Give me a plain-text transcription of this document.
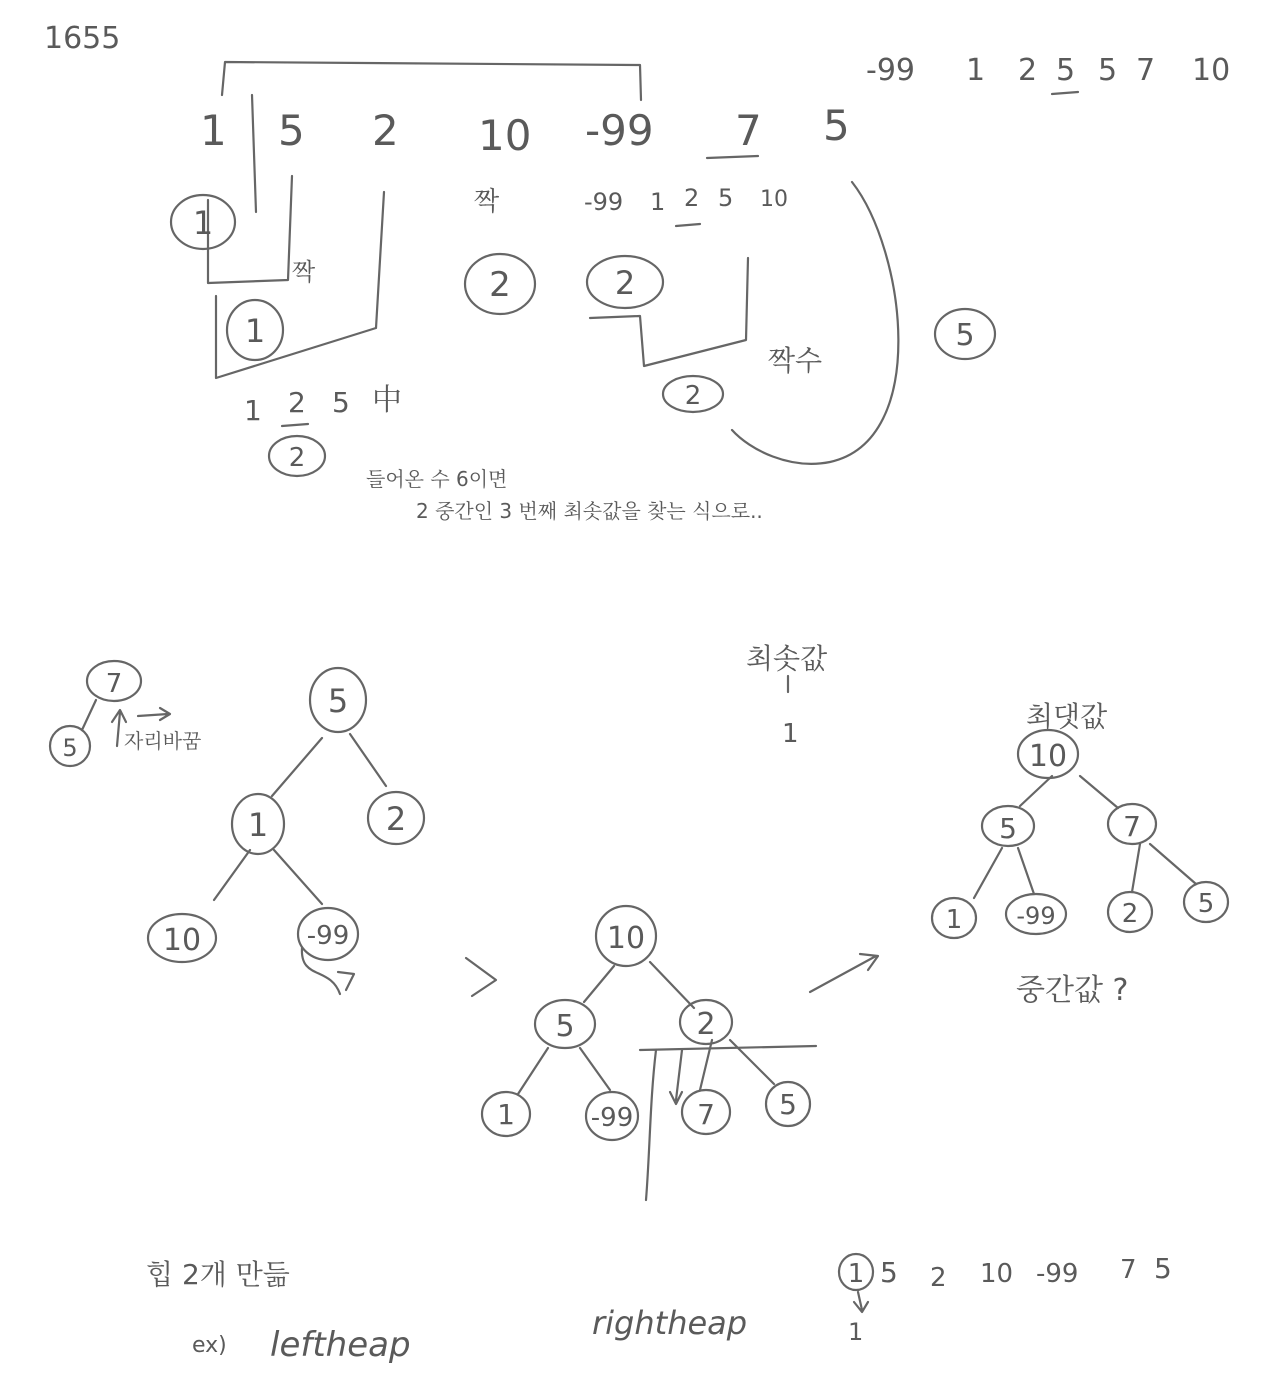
1655
1 5 2 10 -99 7 5
-99 1 2 5 5 7 10
1
1
2	2
2
2
5
짝
짝
짝수
-99 1 2 5 10
1 2 5 中
들어온 수 6이면
2 중간인 3 번째 최솟값을 찾는 식으로..
7
5 자리바꿈
5
1	2
10	-99	10
5	2
1	-99 7 5
최솟값
1
최댓값
10
5	7
1 -99	2 5
중간값 ?
힙 2개 만듦
ex) leftheap
rightheap
1 5 2 10 -99 7 5
1
